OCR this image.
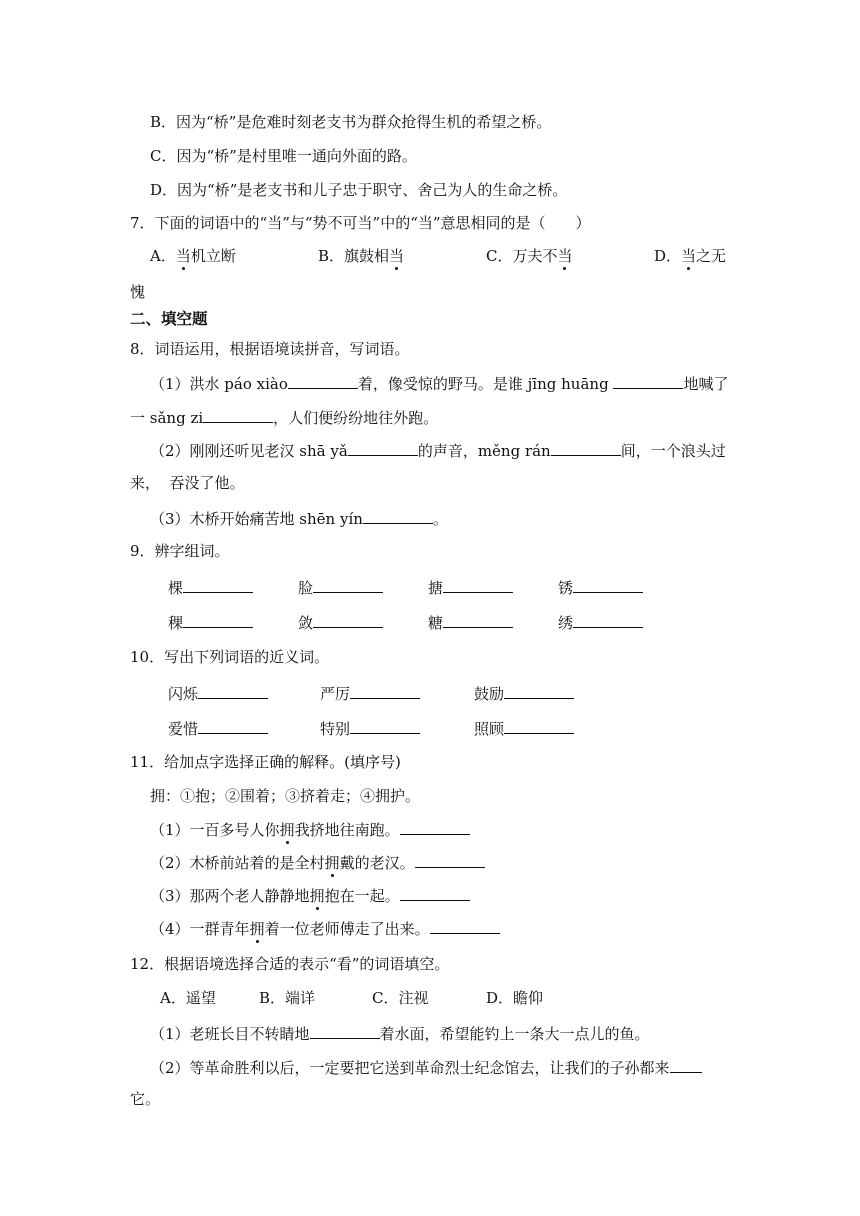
B．因为“桥”是危难时刻老支书为群众抢得生机的希望之桥。
C．因为“桥”是村里唯一通向外面的路。
D．因为“桥”是老支书和儿子忠于职守、舍己为人的生命之桥。
7．下面的词语中的“当”与“势不可当”中的“当”意思相同的是（　　）
A．当机立断	B．旗鼓相当	C．万夫不当	D．当之无
愧
二、填空题
8．词语运用，根据语境读拼音，写词语。
（1）洪水 páo xiào	着，像受惊的野马。是谁 jīng huāng	地喊了
一 sǎng zi	，人们便纷纷地往外跑。
（2）刚刚还听见老汉 shā yǎ	的声音，měng rán	间，一个浪头过
来，  吞没了他。
（3）木桥开始痛苦地 shēn yín	。
9．辨字组词。
棵	脸	搪	锈
稞	敛	糖	绣
10．写出下列词语的近义词。
闪烁	严厉	鼓励
爱惜	特别	照顾
11．给加点字选择正确的解释。(填序号)
拥：①抱；②围着；③挤着走；④拥护。
（1）一百多号人你拥我挤地往南跑。
（2）木桥前站着的是全村拥戴的老汉。
（3）那两个老人静静地拥抱在一起。
（4）一群青年拥着一位老师傅走了出来。
12．根据语境选择合适的表示“看”的词语填空。
A．遥望	B．端详	C．注视	D．瞻仰
（1）老班长目不转睛地	着水面，希望能钓上一条大一点儿的鱼。
（2）等革命胜利以后，一定要把它送到革命烈士纪念馆去，让我们的子孙都来
它。
